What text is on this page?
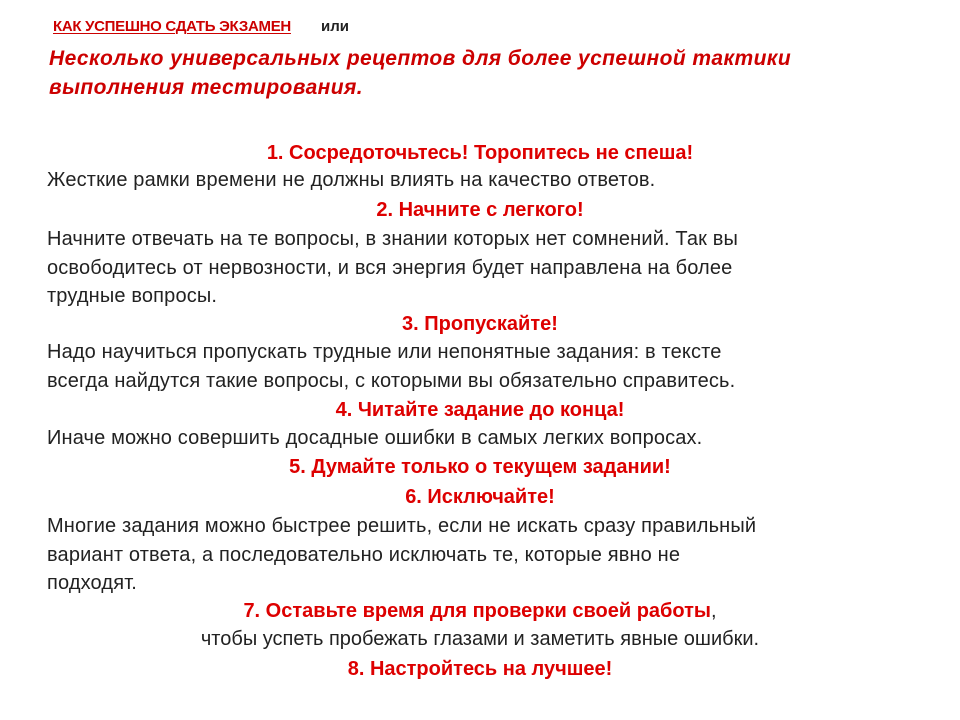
КАК УСПЕШНО СДАТЬ ЭКЗАМЕН или
Несколько универсальных рецептов для более успешной тактики
выполнения тестирования.
1. Сосредоточьтесь! Торопитесь не спеша!
Жесткие рамки времени не должны влиять на качество ответов.
2. Начните с легкого!
Начните отвечать на те вопросы, в знании которых нет сомнений. Так вы
освободитесь от нервозности, и вся энергия будет направлена на более
трудные вопросы.
3. Пропускайте!
Надо научиться пропускать трудные или непонятные задания: в тексте
всегда найдутся такие вопросы, с которыми вы обязательно справитесь.
4. Читайте задание до конца!
Иначе можно совершить досадные ошибки в самых легких вопросах.
5. Думайте только о текущем задании!
6. Исключайте!
Многие задания можно быстрее решить, если не искать сразу правильный
вариант ответа, а последовательно исключать те, которые явно не
подходят.
7. Оставьте время для проверки своей работы,
чтобы успеть пробежать глазами и заметить явные ошибки.
8. Настройтесь на лучшее!
